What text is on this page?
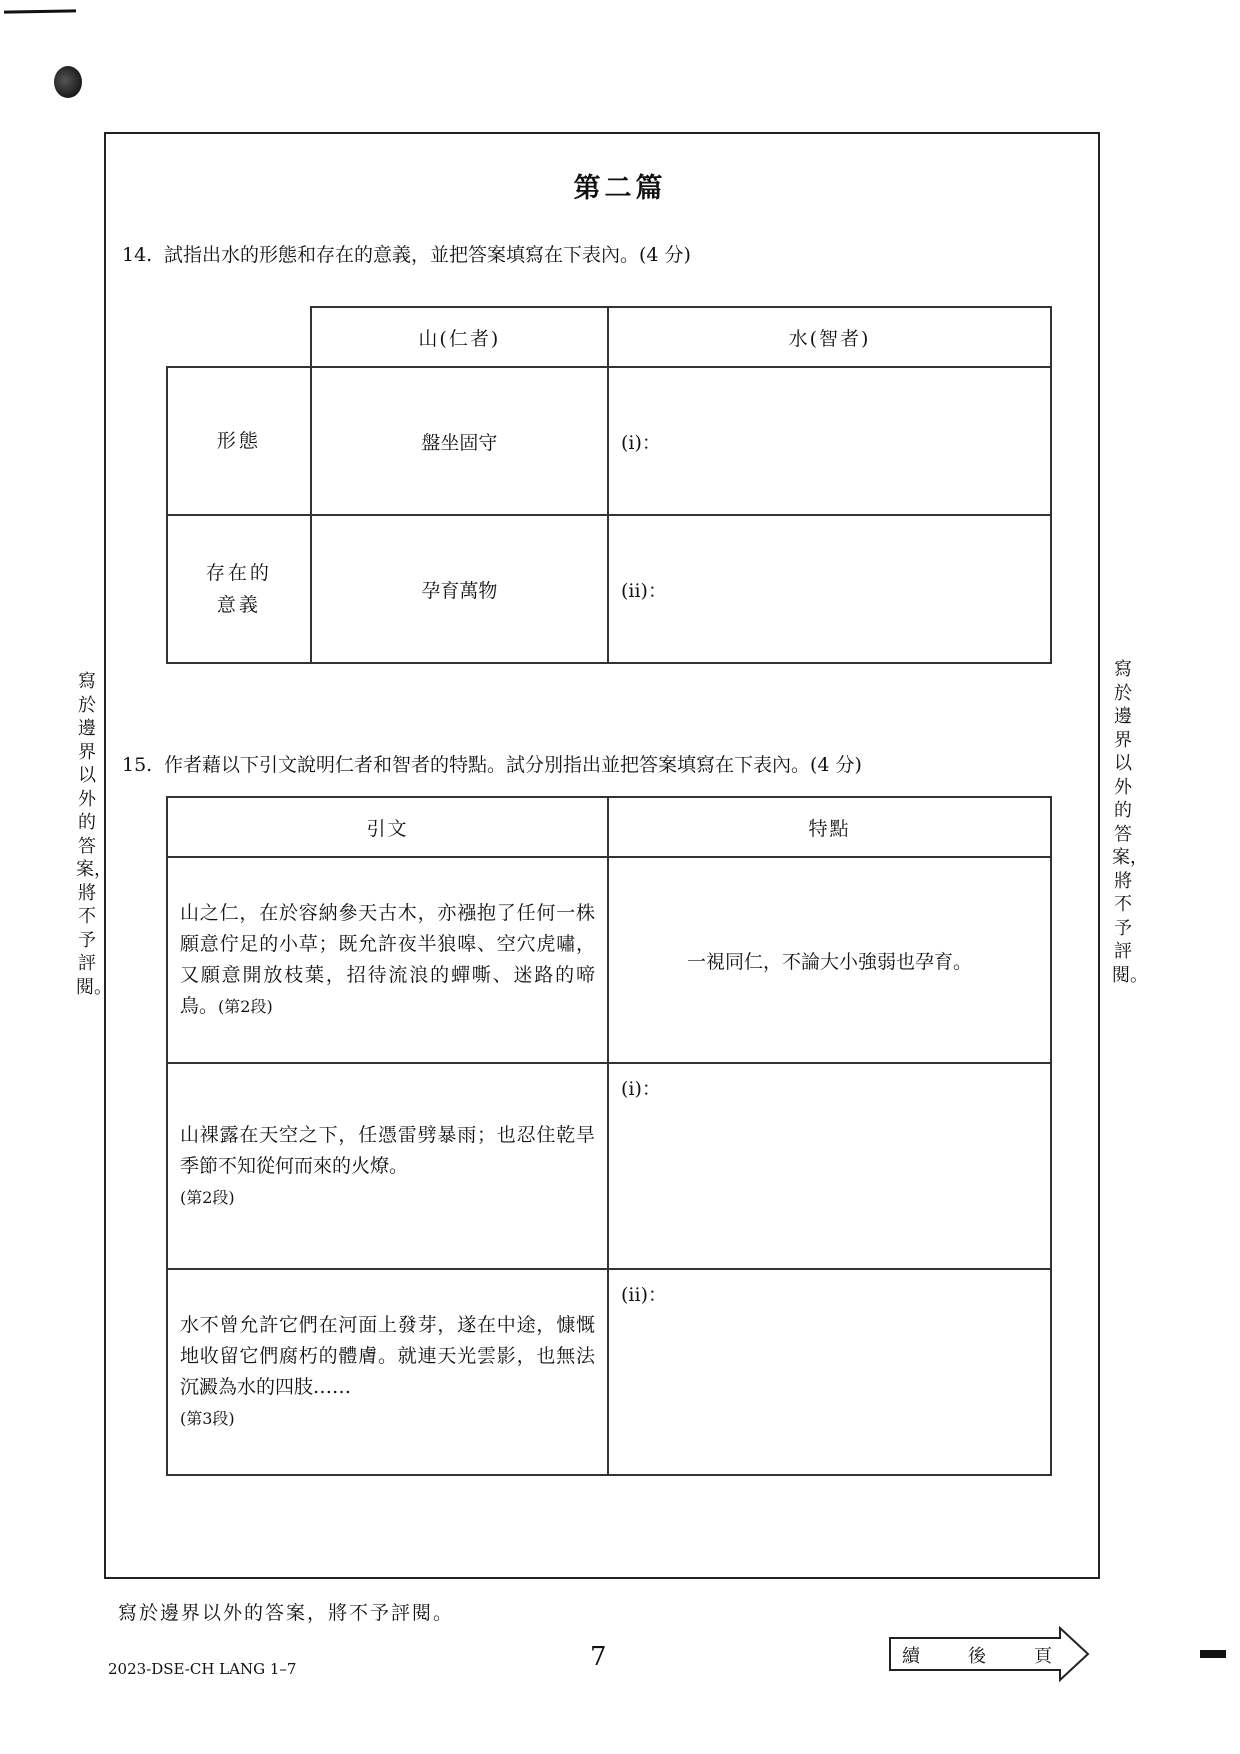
第二篇
14. 試指出水的形態和存在的意義，並把答案填寫在下表內。(4 分)
	山(仁者)	水(智者)
形態	盤坐固守	(i)：

存在的
意義	孕育萬物	(ii)：
15. 作者藉以下引文說明仁者和智者的特點。試分別指出並把答案填寫在下表內。(4 分)
引文	特點
山之仁，在於容納參天古木，亦襁抱了任何一株願意佇足的小草；既允許夜半狼嗥、空穴虎嘯，又願意開放枝葉，招待流浪的蟬嘶、迷路的啼鳥。(第2段)	一視同仁，不論大小強弱也孕育。
山裸露在天空之下，任憑雷劈暴雨；也忍住乾旱季節不知從何而來的火燎。
(第2段)	(i)：

水不曾允許它們在河面上發芽，遂在中途，慷慨地收留它們腐朽的體膚。就連天光雲影，也無法沉澱為水的四肢……
(第3段)	(ii)：
寫於邊界以外的答案，將不予評閱。
寫於邊界以外的答案，將不予評閱。
寫於邊界以外的答案，將不予評閱。
7
2023-DSE-CH LANG 1–7
續	後	頁
